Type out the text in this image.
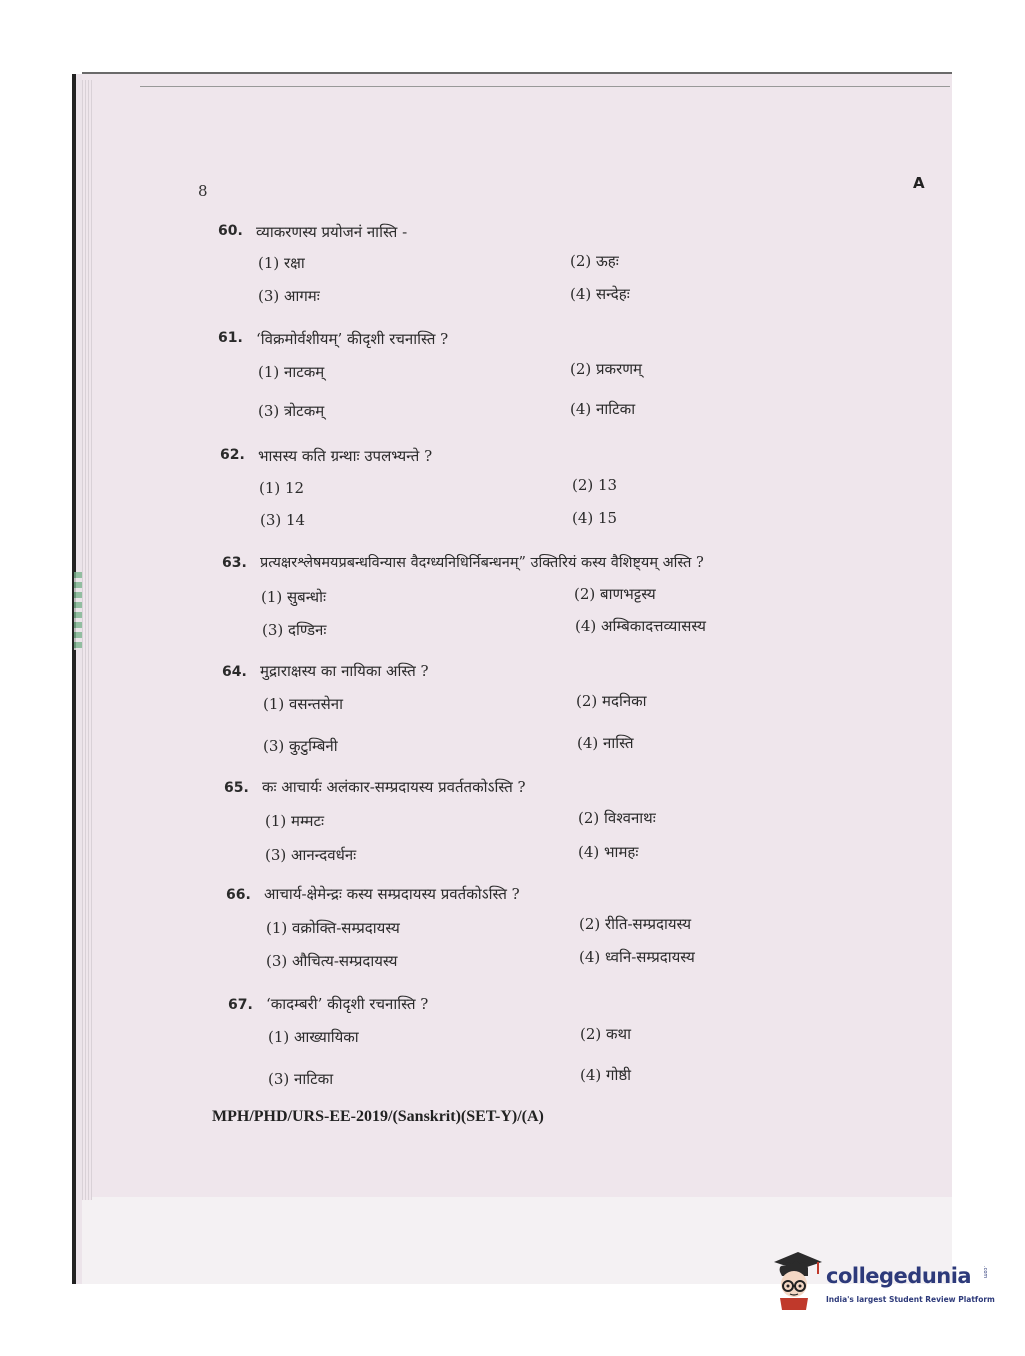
8	A
60. व्याकरणस्य प्रयोजनं नास्ति -
(1) रक्षा	(2) ऊहः
(3) आगमः	(4) सन्देहः
61. ‘विक्रमोर्वशीयम्’ कीदृशी रचनास्ति ?
(1) नाटकम्	(2) प्रकरणम्
(3) त्रोटकम्	(4) नाटिका
62. भासस्य कति ग्रन्थाः उपलभ्यन्ते ?
(1) 12	(2) 13
(3) 14	(4) 15
63. प्रत्यक्षरश्लेषमयप्रबन्धविन्यास वैदग्ध्यनिधिर्निबन्धनम्” उक्तिरियं कस्य वैशिष्ट्यम् अस्ति ?
(1) सुबन्धोः	(2) बाणभट्टस्य
(3) दण्डिनः	(4) अम्बिकादत्तव्यासस्य
64. मुद्राराक्षस्य का नायिका अस्ति ?
(1) वसन्तसेना	(2) मदनिका
(3) कुटुम्बिनी	(4) नास्ति
65. कः आचार्यः अलंकार-सम्प्रदायस्य प्रवर्ततकोऽस्ति ?
(1) मम्मटः	(2) विश्वनाथः
(3) आनन्दवर्धनः	(4) भामहः
66. आचार्य-क्षेमेन्द्रः कस्य सम्प्रदायस्य प्रवर्तकोऽस्ति ?
(1) वक्रोक्ति-सम्प्रदायस्य	(2) रीति-सम्प्रदायस्य
(3) औचित्य-सम्प्रदायस्य	(4) ध्वनि-सम्प्रदायस्य
67. ‘कादम्बरी’ कीदृशी रचनास्ति ?
(1) आख्यायिका	(2) कथा
(3) नाटिका	(4) गोष्ठी
MPH/PHD/URS-EE-2019/(Sanskrit)(SET-Y)/(A)
collegedunia .com
India's largest Student Review Platform
